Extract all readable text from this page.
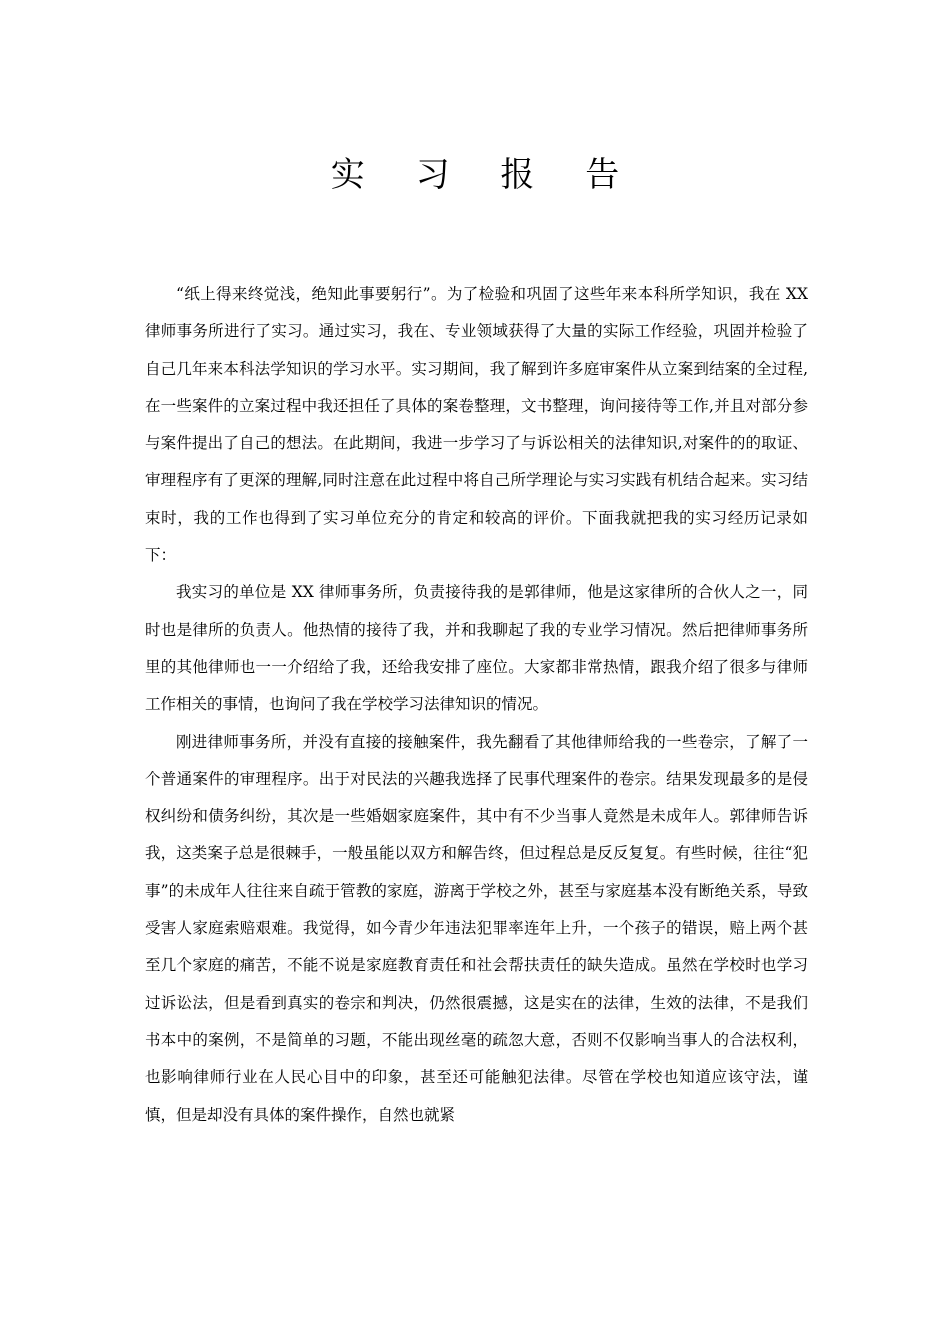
实 习 报 告

“纸上得来终觉浅，绝知此事要躬行”。为了检验和巩固了这些年来本科所学知识，我在 XX 律师事务所进行了实习。通过实习，我在、专业领域获得了大量的实际工作经验，巩固并检验了自己几年来本科法学知识的学习水平。实习期间，我了解到许多庭审案件从立案到结案的全过程,在一些案件的立案过程中我还担任了具体的案卷整理，文书整理，询问接待等工作,并且对部分参与案件提出了自己的想法。在此期间，我进一步学习了与诉讼相关的法律知识,对案件的的取证、审理程序有了更深的理解,同时注意在此过程中将自己所学理论与实习实践有机结合起来。实习结束时，我的工作也得到了实习单位充分的肯定和较高的评价。下面我就把我的实习经历记录如下：

我实习的单位是 XX 律师事务所，负责接待我的是郭律师，他是这家律所的合伙人之一，同时也是律所的负责人。他热情的接待了我，并和我聊起了我的专业学习情况。然后把律师事务所里的其他律师也一一介绍给了我，还给我安排了座位。大家都非常热情，跟我介绍了很多与律师工作相关的事情，也询问了我在学校学习法律知识的情况。

刚进律师事务所，并没有直接的接触案件，我先翻看了其他律师给我的一些卷宗，了解了一个普通案件的审理程序。出于对民法的兴趣我选择了民事代理案件的卷宗。结果发现最多的是侵权纠纷和债务纠纷，其次是一些婚姻家庭案件，其中有不少当事人竟然是未成年人。郭律师告诉我，这类案子总是很棘手，一般虽能以双方和解告终，但过程总是反反复复。有些时候，往往“犯事”的未成年人往往来自疏于管教的家庭，游离于学校之外，甚至与家庭基本没有断绝关系，导致受害人家庭索赔艰难。我觉得，如今青少年违法犯罪率连年上升，一个孩子的错误，赔上两个甚至几个家庭的痛苦，不能不说是家庭教育责任和社会帮扶责任的缺失造成。虽然在学校时也学习过诉讼法，但是看到真实的卷宗和判决，仍然很震撼，这是实在的法律，生效的法律，不是我们书本中的案例，不是简单的习题，不能出现丝毫的疏忽大意，否则不仅影响当事人的合法权利，也影响律师行业在人民心目中的印象，甚至还可能触犯法律。尽管在学校也知道应该守法，谨慎，但是却没有具体的案件操作，自然也就紧
